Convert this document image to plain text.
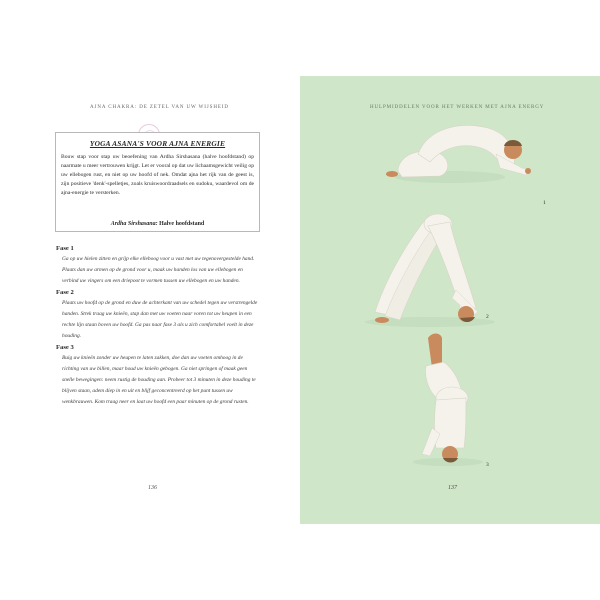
AJNA CHAKRA: DE ZETEL VAN UW WIJSHEID
YOGA ASANA'S VOOR AJNA ENERGIE
Bouw stap voor stap uw beoefening van Ardha Sirshasana (halve hoofdstand) op naarmate u meer vertrouwen krijgt. Let er vooral op dat uw lichaamsgewicht veilig op uw ellebogen rust, en niet op uw hoofd of nek. Omdat ajna het rijk van de geest is, zijn positieve 'denk'-spelletjes, zoals kruiswoordraadsels en sudoku, waardevol om de ajna-energie te versterken.
Ardha Sirshasana: Halve hoofdstand

Fase 1

Ga op uw hielen zitten en grijp elke elleboog voor u vast met uw tegenovergestelde hand. Plaats dan uw armen op de grond voor u, maak uw handen los van uw ellebogen en verbind uw vingers om een driepoot te vormen tussen uw ellebogen en uw handen.

Fase 2

Plaats uw hoofd op de grond en duw de achterkant van uw schedel tegen uw verstrengelde handen. Strek traag uw knieën, stap dan met uw voeten naar voren tot uw heupen in een rechte lijn staan boven uw hoofd. Ga pas naar fase 3 als u zich comfortabel voelt in deze houding.

Fase 3

Buig uw knieën zonder uw heupen te laten zakken, doe dan uw voeten omhoog in de richting van uw billen, maar houd uw knieën gebogen. Ga niet springen of maak geen snelle bewegingen: neem rustig de houding aan. Probeer tot 3 minuten in deze houding te blijven staan, adem diep in en uit en blijf geconcentreerd op het punt tussen uw wenkbrauwen. Kom traag neer en laat uw hoofd een paar minuten op de grond rusten.

136
HULPMIDDELEN VOOR HET WERKEN MET AJNA ENERGY
1
2
3
137
